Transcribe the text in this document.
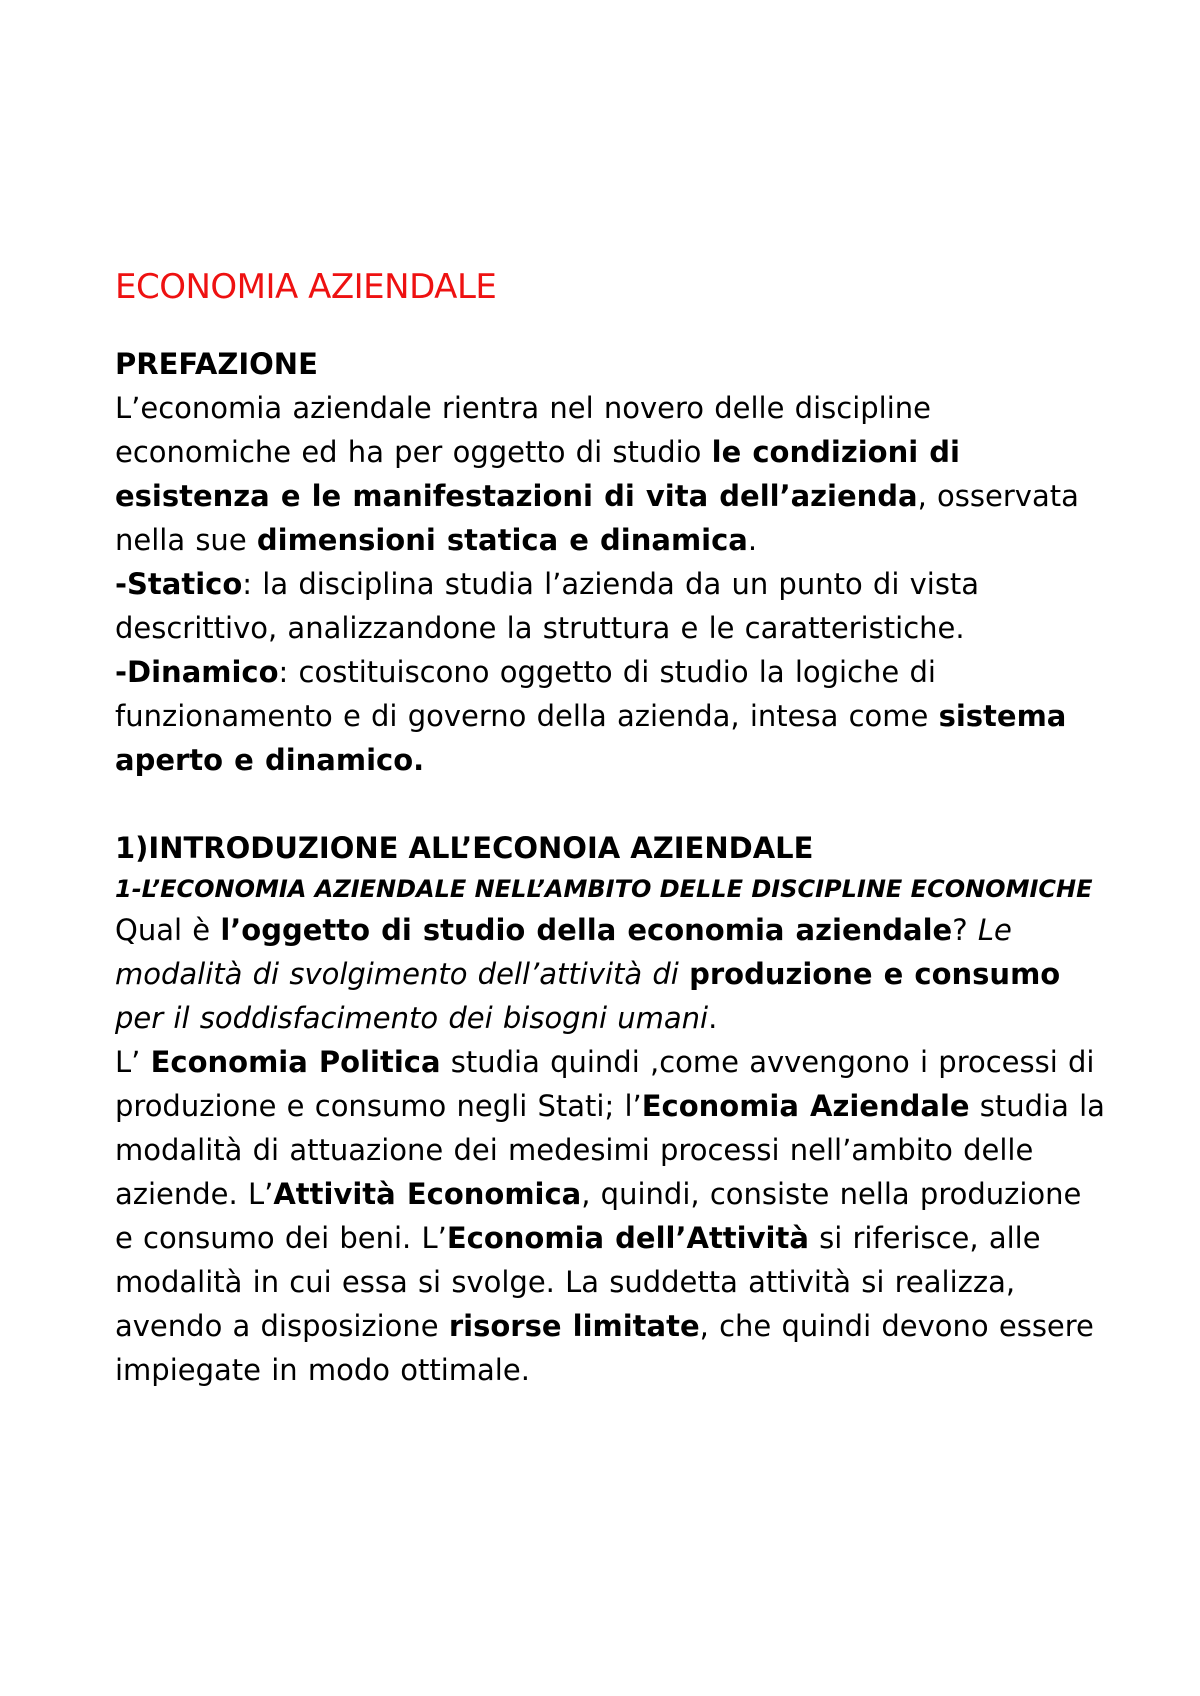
ECONOMIA AZIENDALE

PREFAZIONE

L’economia aziendale rientra nel novero delle discipline economiche ed ha per oggetto di studio le condizioni di esistenza e le manifestazioni di vita dell’azienda, osservata nella sue dimensioni statica e dinamica.

-Statico: la disciplina studia l’azienda da un punto di vista descrittivo, analizzandone la struttura e le caratteristiche.

-Dinamico: costituiscono oggetto di studio la logiche di funzionamento e di governo della azienda, intesa come sistema aperto e dinamico.

1)INTRODUZIONE ALL’ECONOIA AZIENDALE

1-L’ECONOMIA AZIENDALE NELL’AMBITO DELLE DISCIPLINE ECONOMICHE

Qual è l’oggetto di studio della economia aziendale? Le modalità di svolgimento dell’attività di produzione e consumo per il soddisfacimento dei bisogni umani.

L’ Economia Politica studia quindi ,come avvengono i processi di produzione e consumo negli Stati; l’Economia Aziendale studia la modalità di attuazione dei medesimi processi nell’ambito delle aziende. L’Attività Economica, quindi, consiste nella produzione e consumo dei beni. L’Economia dell’Attività si riferisce, alle modalità in cui essa si svolge. La suddetta attività si realizza, avendo a disposizione risorse limitate, che quindi devono essere impiegate in modo ottimale.
